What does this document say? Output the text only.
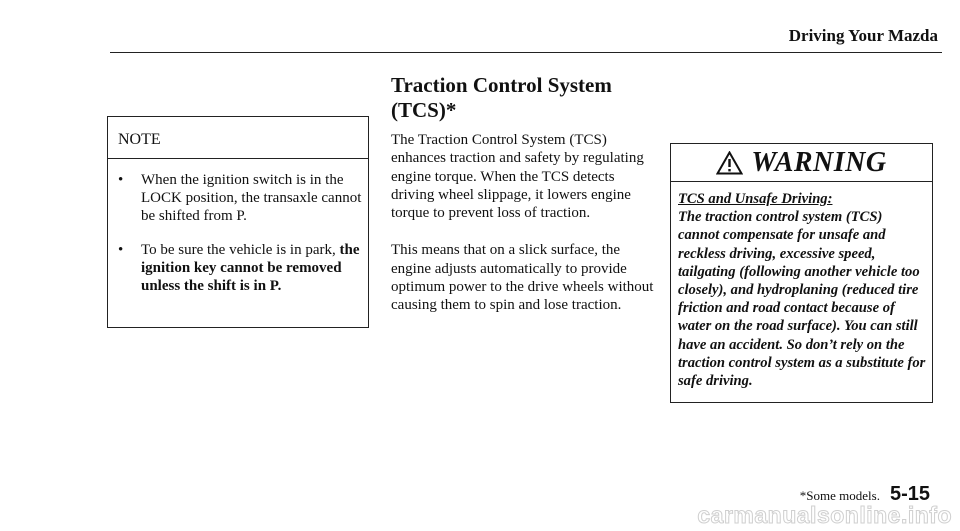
Driving Your Mazda
Traction Control System
(TCS)*
NOTE
• When the ignition switch is in the LOCK position, the transaxle cannot be shifted from P.
• To be sure the vehicle is in park, the ignition key cannot be removed unless the shift is in P.

The Traction Control System (TCS) enhances traction and safety by regulating engine torque. When the TCS detects driving wheel slippage, it lowers engine torque to prevent loss of traction.

This means that on a slick surface, the engine adjusts automatically to provide optimum power to the drive wheels without causing them to spin and lose traction.

WARNING
TCS and Unsafe Driving:
The traction control system (TCS) cannot compensate for unsafe and reckless driving, excessive speed, tailgating (following another vehicle too closely), and hydroplaning (reduced tire friction and road contact because of water on the road surface). You can still have an accident. So don’t rely on the traction control system as a substitute for safe driving.
*Some models. 5-15
carmanualsonline.info
